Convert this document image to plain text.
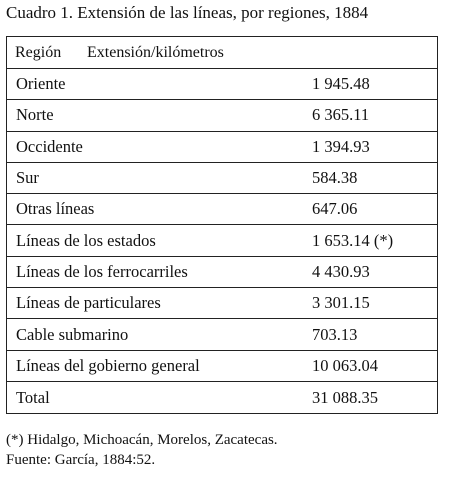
Cuadro 1. Extensión de las líneas, por regiones, 1884
Región	Extensión/kilómetros
Oriente	1 945.48
Norte	6 365.11
Occidente	1 394.93
Sur	584.38
Otras líneas	647.06
Líneas de los estados	1 653.14 (*)
Líneas de los ferrocarriles	4 430.93
Líneas de particulares	3 301.15
Cable submarino	703.13
Líneas del gobierno general	10 063.04
Total	31 088.35
(*) Hidalgo, Michoacán, Morelos, Zacatecas.
Fuente: García, 1884:52.
